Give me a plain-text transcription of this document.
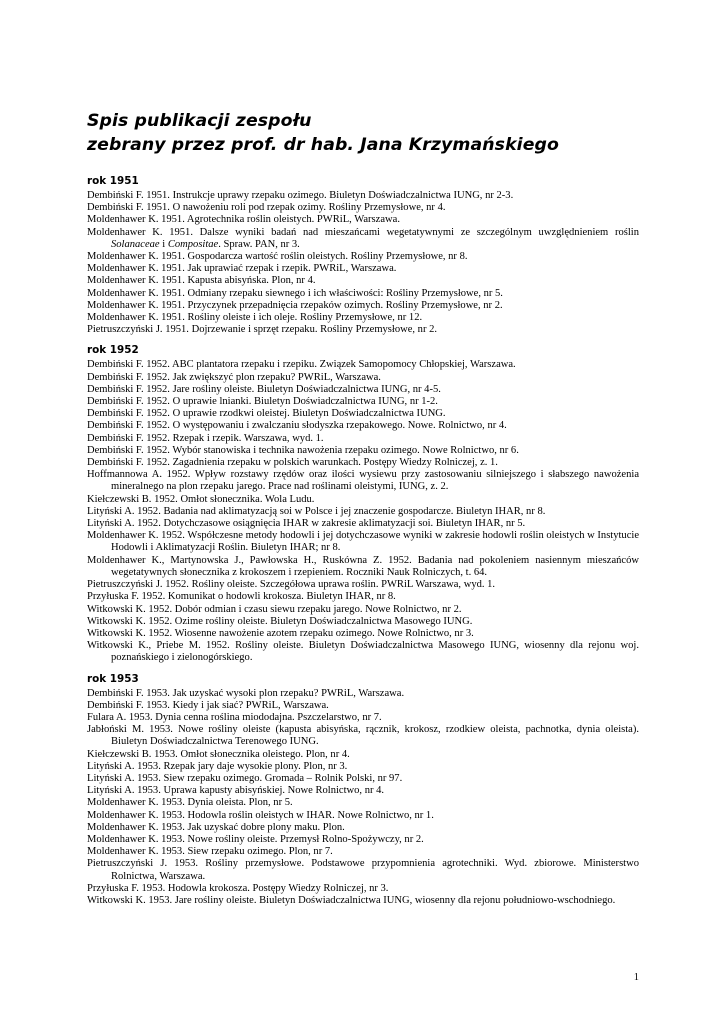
Spis publikacji zespołu
zebrany przez prof. dr hab. Jana Krzymańskiego
rok 1951

Dembiński F. 1951. Instrukcje uprawy rzepaku ozimego. Biuletyn Doświadczalnictwa IUNG, nr 2-3.

Dembiński F. 1951. O nawożeniu roli pod rzepak ozimy. Rośliny Przemysłowe, nr 4.

Moldenhawer K. 1951. Agrotechnika roślin oleistych. PWRiL, Warszawa.

Moldenhawer K. 1951. Dalsze wyniki badań nad mieszańcami wegetatywnymi ze szczególnym uwzględnieniem roślin Solanaceae i Compositae. Spraw. PAN, nr 3.

Moldenhawer K. 1951. Gospodarcza wartość roślin oleistych. Rośliny Przemysłowe, nr 8.

Moldenhawer K. 1951. Jak uprawiać rzepak i rzepik. PWRiL, Warszawa.

Moldenhawer K. 1951. Kapusta abisyńska. Plon, nr 4.

Moldenhawer K. 1951. Odmiany rzepaku siewnego i ich właściwości: Rośliny Przemysłowe, nr 5.

Moldenhawer K. 1951. Przyczynek przepadnięcia rzepaków ozimych. Rośliny Przemysłowe, nr 2.

Moldenhawer K. 1951. Rośliny oleiste i ich oleje. Rośliny Przemysłowe, nr 12.

Pietruszczyński J. 1951. Dojrzewanie i sprzęt rzepaku. Rośliny Przemysłowe, nr 2.

rok 1952

Dembiński F. 1952. ABC plantatora rzepaku i rzepiku. Związek Samopomocy Chłopskiej, Warszawa.

Dembiński F. 1952. Jak zwiększyć plon rzepaku? PWRiL, Warszawa.

Dembiński F. 1952. Jare rośliny oleiste. Biuletyn Doświadczalnictwa IUNG, nr 4-5.

Dembiński F. 1952. O uprawie lnianki. Biuletyn Doświadczalnictwa IUNG, nr 1-2.

Dembiński F. 1952. O uprawie rzodkwi oleistej. Biuletyn Doświadczalnictwa IUNG.

Dembiński F. 1952. O występowaniu i zwalczaniu słodyszka rzepakowego. Nowe. Rolnictwo, nr 4.

Dembiński F. 1952. Rzepak i rzepik. Warszawa, wyd. 1.

Dembiński F. 1952. Wybór stanowiska i technika nawożenia rzepaku ozimego. Nowe Rolnictwo, nr 6.

Dembiński F. 1952. Zagadnienia rzepaku w polskich warunkach. Postępy Wiedzy Rolniczej, z. 1.

Hoffmannowa A. 1952. Wpływ rozstawy rzędów oraz ilości wysiewu przy zastosowaniu silniejszego i słabszego nawożenia mineralnego na plon rzepaku jarego. Prace nad roślinami oleistymi, IUNG, z. 2.

Kiełczewski B. 1952. Omłot słonecznika. Wola Ludu.

Lityński A. 1952. Badania nad aklimatyzacją soi w Polsce i jej znaczenie gospodarcze. Biuletyn IHAR, nr 8.

Lityński A. 1952. Dotychczasowe osiągnięcia IHAR w zakresie aklimatyzacji soi. Biuletyn IHAR, nr 5.

Moldenhawer K. 1952. Współczesne metody hodowli i jej dotychczasowe wyniki w zakresie hodowli roślin oleistych w Instytucie Hodowli i Aklimatyzacji Roślin. Biuletyn IHAR; nr 8.

Moldenhawer K., Martynowska J., Pawłowska H., Ruskówna Z. 1952. Badania nad pokoleniem nasiennym mieszańców wegetatywnych słonecznika z krokoszem i rzepieniem. Roczniki Nauk Rolniczych, t. 64.

Pietruszczyński J. 1952. Rośliny oleiste. Szczegółowa uprawa roślin. PWRiL Warszawa, wyd. 1.

Przyłuska F. 1952. Komunikat o hodowli krokosza. Biuletyn IHAR, nr 8.

Witkowski K. 1952. Dobór odmian i czasu siewu rzepaku jarego. Nowe Rolnictwo, nr 2.

Witkowski K. 1952. Ozime rośliny oleiste. Biuletyn Doświadczalnictwa Masowego IUNG.

Witkowski K. 1952. Wiosenne nawożenie azotem rzepaku ozimego. Nowe Rolnictwo, nr 3.

Witkowski K., Priebe M. 1952. Rośliny oleiste. Biuletyn Doświadczalnictwa Masowego IUNG, wiosenny dla rejonu woj. poznańskiego i zielonogórskiego.

rok 1953

Dembiński F. 1953. Jak uzyskać wysoki plon rzepaku? PWRiL, Warszawa.

Dembiński F. 1953. Kiedy i jak siać? PWRiL, Warszawa.

Fulara A. 1953. Dynia cenna roślina miododajna. Pszczelarstwo, nr 7.

Jabłoński M. 1953. Nowe rośliny oleiste (kapusta abisyńska, rącznik, krokosz, rzodkiew oleista, pachnotka, dynia oleista). Biuletyn Doświadczalnictwa Terenowego IUNG.

Kiełczewski B. 1953. Omłot słonecznika oleistego. Plon, nr 4.

Lityński A. 1953. Rzepak jary daje wysokie plony. Plon, nr 3.

Lityński A. 1953. Siew rzepaku ozimego. Gromada – Rolnik Polski, nr 97.

Lityński A. 1953. Uprawa kapusty abisyńskiej. Nowe Rolnictwo, nr 4.

Moldenhawer K. 1953. Dynia oleista. Plon, nr 5.

Moldenhawer K. 1953. Hodowla roślin oleistych w IHAR. Nowe Rolnictwo, nr 1.

Moldenhawer K. 1953. Jak uzyskać dobre plony maku. Plon.

Moldenhawer K. 1953. Nowe rośliny oleiste. Przemysł Rolno-Spożywczy, nr 2.

Moldenhawer K. 1953. Siew rzepaku ozimego. Plon, nr 7.

Pietruszczyński J. 1953. Rośliny przemysłowe. Podstawowe przypomnienia agrotechniki. Wyd. zbiorowe. Ministerstwo Rolnictwa, Warszawa.

Przyłuska F. 1953. Hodowla krokosza. Postępy Wiedzy Rolniczej, nr 3.

Witkowski K. 1953. Jare rośliny oleiste. Biuletyn Doświadczalnictwa IUNG, wiosenny dla rejonu południowo-wschodniego.

1
